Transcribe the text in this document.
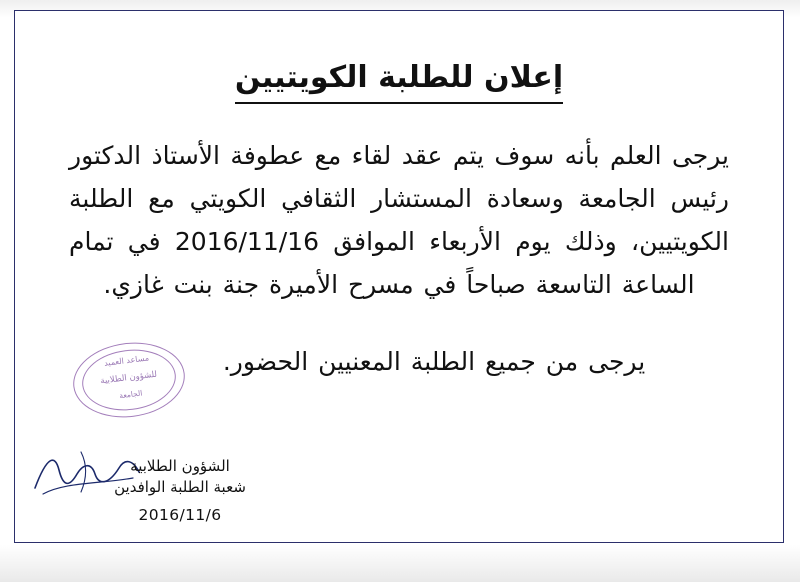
إعلان للطلبة الكويتيين

يرجى العلم بأنه سوف يتم عقد لقاء مع عطوفة الأستاذ الدكتور رئيس الجامعة وسعادة المستشار الثقافي الكويتي مع الطلبة الكويتيين، وذلك يوم الأربعاء الموافق 2016/11/16 في تمام الساعة التاسعة صباحاً في مسرح الأميرة جنة بنت غازي.

يرجى من جميع الطلبة المعنيين الحضور.

مساعد العميد
للشؤون الطلابية
الجامعة
الشؤون الطلابية
شعبة الطلبة الوافدين
2016/11/6
